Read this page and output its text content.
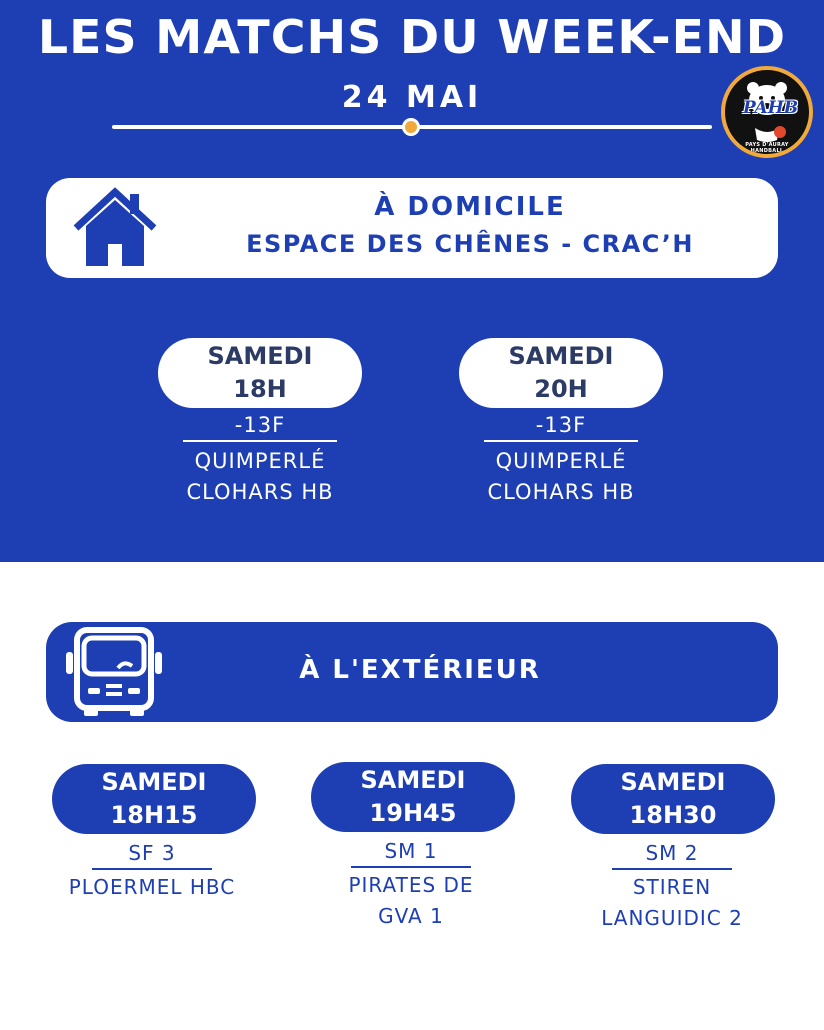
LES MATCHS DU WEEK-END
24 MAI	PAHB
PAYS D'AURAY HANDBALL
À DOMICILE
ESPACE DES CHÊNES - CRAC’H
SAMEDI
18H
-13F
QUIMPERLÉ
CLOHARS HB
SAMEDI
20H
-13F
QUIMPERLÉ
CLOHARS HB
À L'EXTÉRIEUR
SAMEDI
18H15
SF 3
PLOERMEL HBC
SAMEDI
19H45
SM 1
PIRATES DE
GVA 1
SAMEDI
18H30
SM 2
STIREN
LANGUIDIC 2
